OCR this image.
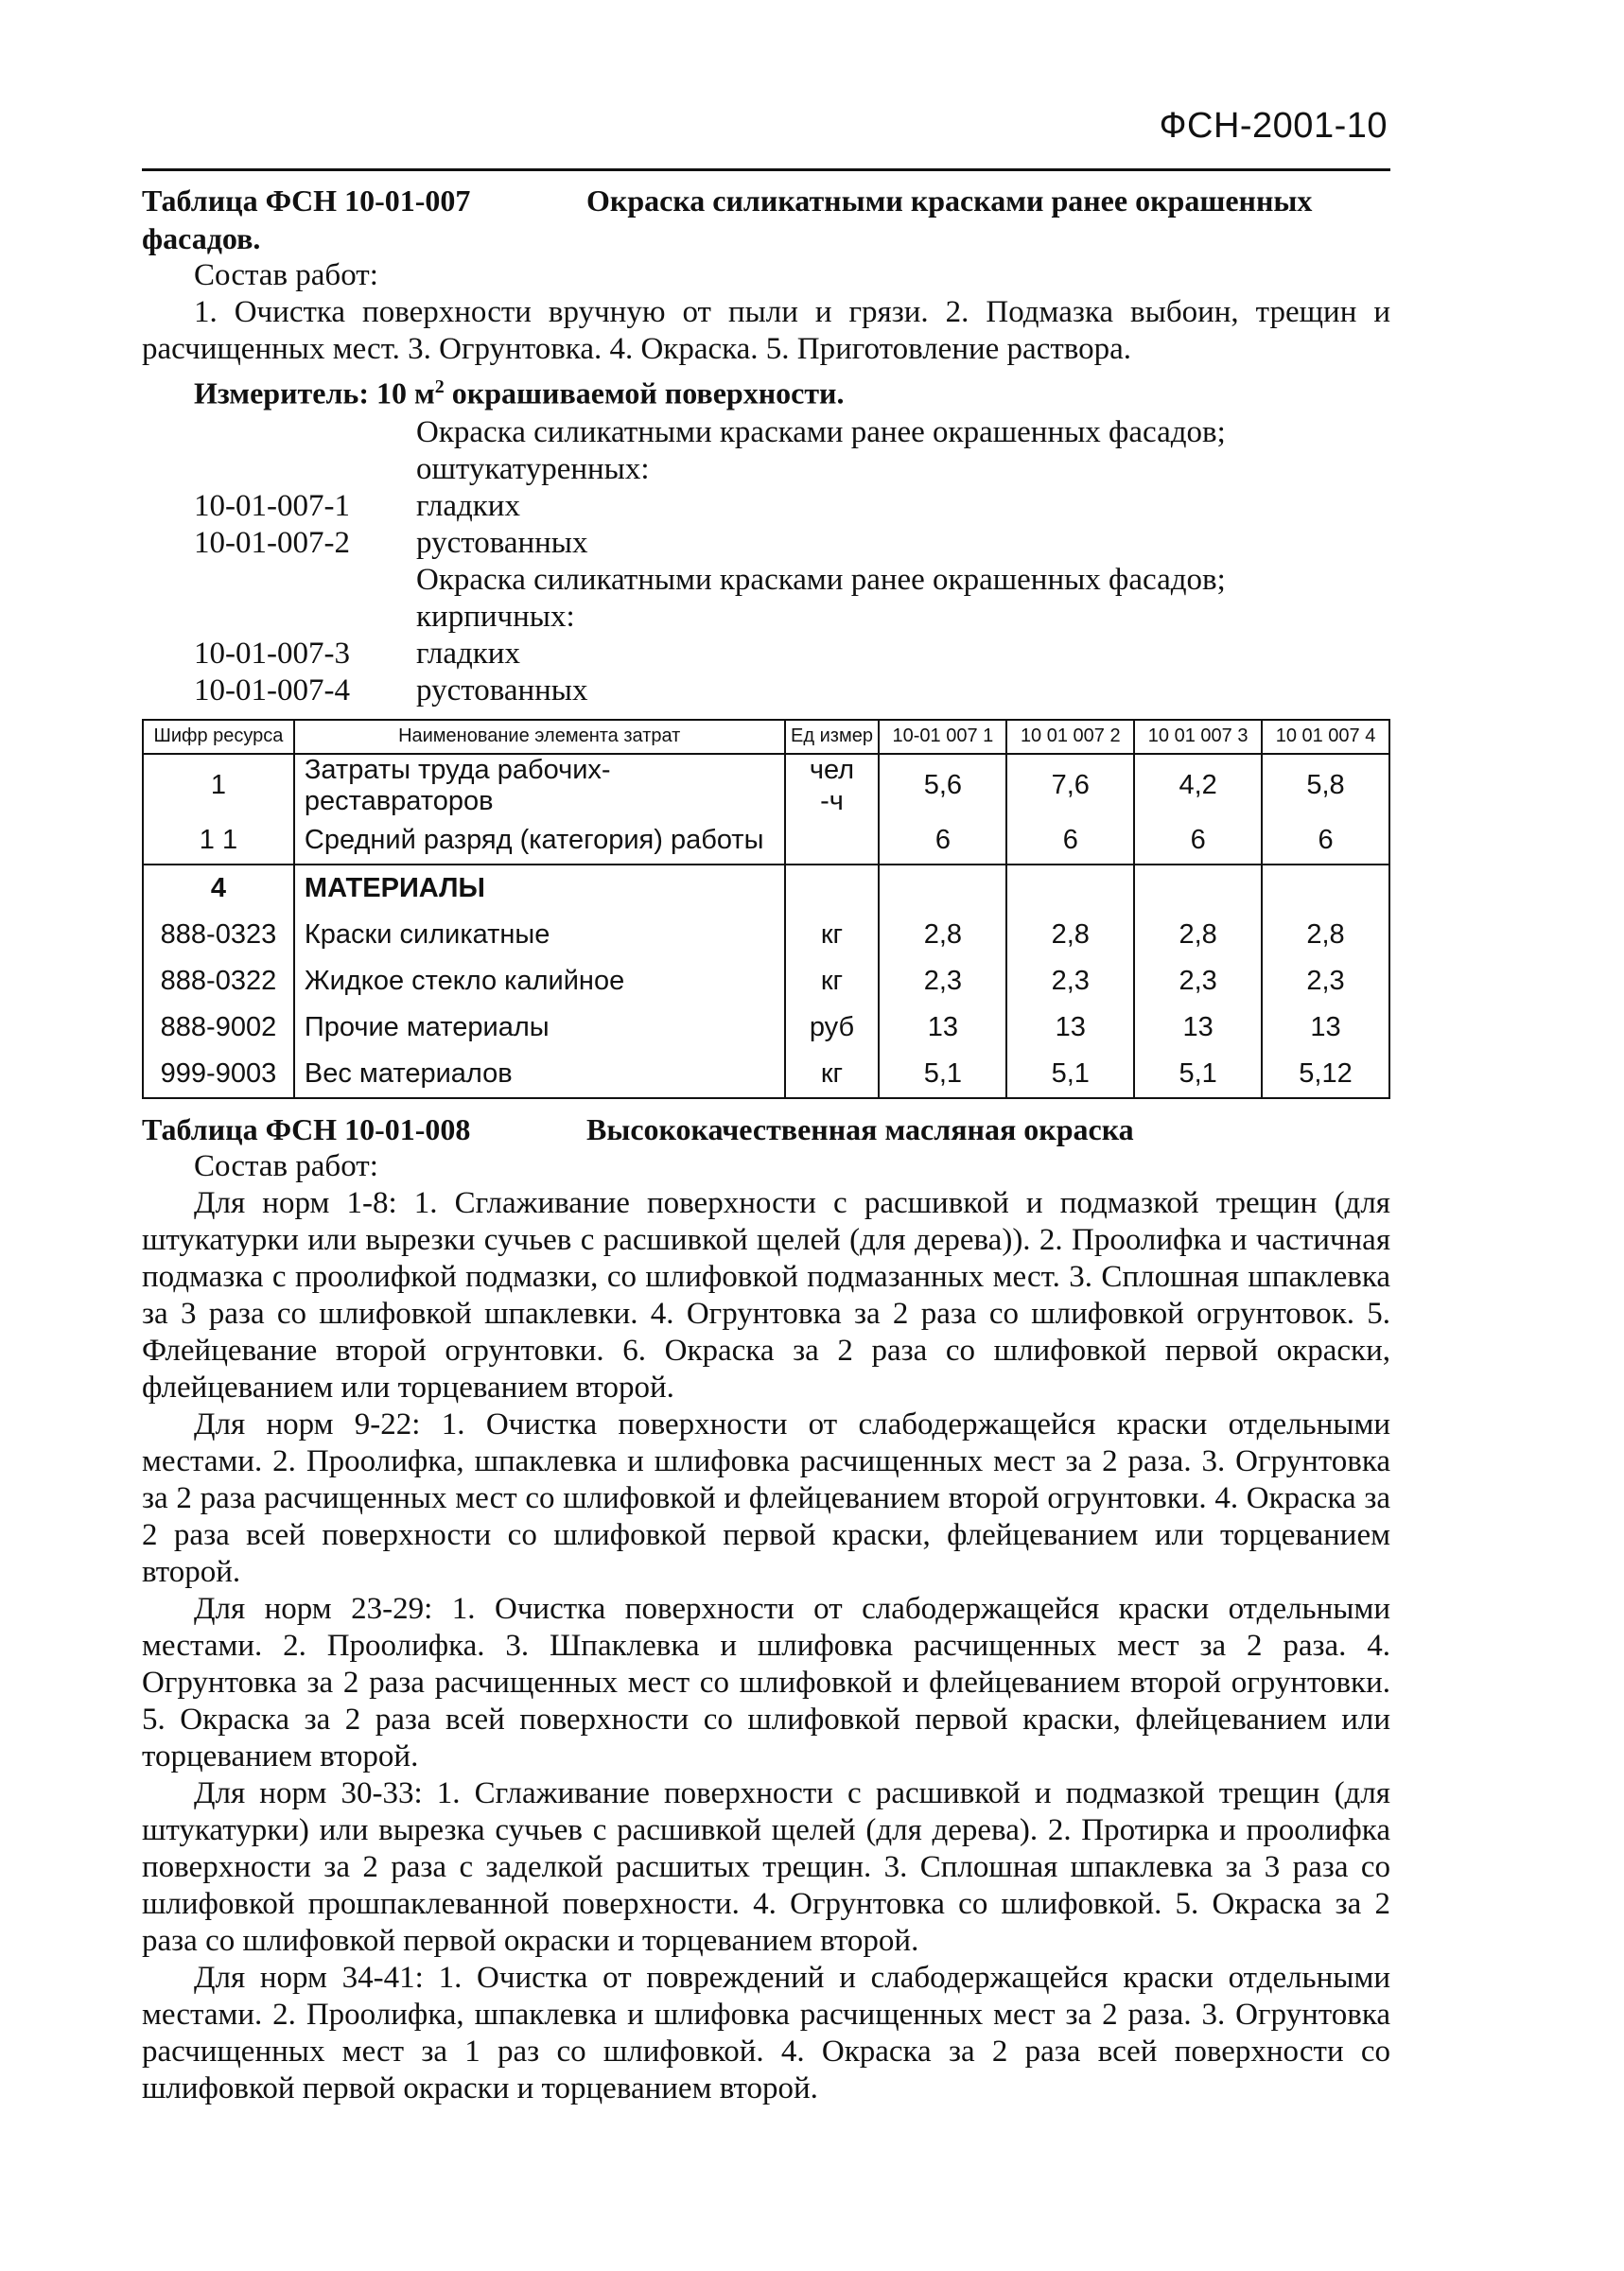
ФСН-2001-10
Таблица ФСН 10-01-007	Окраска силикатными красками ранее окрашенных
фасадов.
Состав работ:
1. Очистка поверхности вручную от пыли и грязи. 2. Подмазка выбоин, трещин и расчищенных мест. 3. Огрунтовка. 4. Окраска. 5. Приготовление раствора.
Измеритель: 10 $м^2$ окрашиваемой поверхности.
Окраска силикатными красками ранее окрашенных фасадов;
оштукатуренных:
10-01-007-1	гладких
10-01-007-2	рустованных
Окраска силикатными красками ранее окрашенных фасадов;
кирпичных:
10-01-007-3	гладких
10-01-007-4	рустованных
Шифр ресурса	Наименование элемента затрат	Ед измер	10-01 007 1	10 01 007 2	10 01 007 3	10 01 007 4
1	Затраты труда рабочих-реставраторов	чел -ч	5,6	7,6	4,2	5,8
1 1	Средний разряд (категория) работы		6	6	6	6
4	МАТЕРИАЛЫ					
888-0323	Краски силикатные	кг	2,8	2,8	2,8	2,8
888-0322	Жидкое стекло калийное	кг	2,3	2,3	2,3	2,3
888-9002	Прочие материалы	руб	13	13	13	13
999-9003	Вес материалов	кг	5,1	5,1	5,1	5,12
Таблица ФСН 10-01-008	Высококачественная масляная окраска
Состав работ:
Для норм 1-8: 1. Сглаживание поверхности с расшивкой и подмазкой трещин (для штукатурки или вырезки сучьев с расшивкой щелей (для дерева)). 2. Проолифка и частичная подмазка с проолифкой подмазки, со шлифовкой подмазанных мест. 3. Сплошная шпаклевка за 3 раза со шлифовкой шпаклевки. 4. Огрунтовка за 2 раза со шлифовкой огрунтовок. 5. Флейцевание второй огрунтовки. 6. Окраска за 2 раза со шлифовкой первой окраски, флейцеванием или торцеванием второй.
Для норм 9-22: 1. Очистка поверхности от слабодержащейся краски отдельными местами. 2. Проолифка, шпаклевка и шлифовка расчищенных мест за 2 раза. 3. Огрунтовка за 2 раза расчищенных мест со шлифовкой и флейцеванием второй огрунтовки. 4. Окраска за 2 раза всей поверхности со шлифовкой первой краски, флейцеванием или торцеванием второй.
Для норм 23-29: 1. Очистка поверхности от слабодержащейся краски отдельными местами. 2. Проолифка. 3. Шпаклевка и шлифовка расчищенных мест за 2 раза. 4. Огрунтовка за 2 раза расчищенных мест со шлифовкой и флейцеванием второй огрунтовки. 5. Окраска за 2 раза всей поверхности со шлифовкой первой краски, флейцеванием или торцеванием второй.
Для норм 30-33: 1. Сглаживание поверхности с расшивкой и подмазкой трещин (для штукатурки) или вырезка сучьев с расшивкой щелей (для дерева). 2. Протирка и проолифка поверхности за 2 раза с заделкой расшитых трещин. 3. Сплошная шпаклевка за 3 раза со шлифовкой прошпаклеванной поверхности. 4. Огрунтовка со шлифовкой. 5. Окраска за 2 раза со шлифовкой первой окраски и торцеванием второй.
Для норм 34-41: 1. Очистка от повреждений и слабодержащейся краски отдельными местами. 2. Проолифка, шпаклевка и шлифовка расчищенных мест за 2 раза. 3. Огрунтовка расчищенных мест за 1 раз со шлифовкой. 4. Окраска за 2 раза всей поверхности со шлифовкой первой окраски и торцеванием второй.
